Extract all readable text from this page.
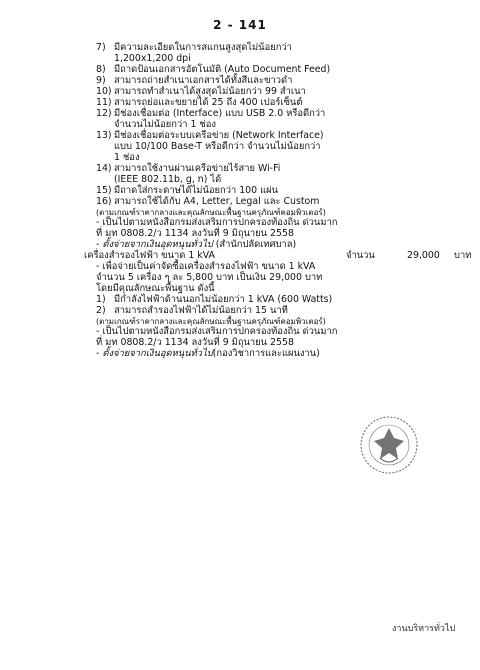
2 - 141
7) มีความละเอียดในการสแกนสูงสุดไม่น้อยกว่า
1,200x1,200 dpi
8) มีถาดป้อนเอกสารอัตโนมัติ (Auto Document Feed)
9) สามารถถ่ายสำเนาเอกสารได้ทั้งสีและขาวดำ
10) สามารถทำสำเนาได้สูงสุดไม่น้อยกว่า 99 สำเนา
11) สามารถย่อและขยายได้ 25 ถึง 400 เปอร์เซ็นต์
12) มีช่องเชื่อมต่อ (Interface) แบบ USB 2.0 หรือดีกว่า
จำนวนไม่น้อยกว่า 1 ช่อง
13) มีช่องเชื่อมต่อระบบเครือข่าย (Network Interface)
แบบ 10/100 Base-T หรือดีกว่า จำนวนไม่น้อยกว่า
1 ช่อง
14) สามารถใช้งานผ่านเครือข่ายไร้สาย Wi-Fi
(IEEE 802.11b, g, n) ได้
15) มีถาดใส่กระดาษได้ไม่น้อยกว่า 100 แผ่น
16) สามารถใช้ได้กับ A4, Letter, Legal และ Custom
(ตามเกณฑ์ราคากลางและคุณลักษณะพื้นฐานครุภัณฑ์คอมพิวเตอร์)
- เป็นไปตามหนังสือกรมส่งเสริมการปกครองท้องถิ่น ด่วนมาก
ที่ มท 0808.2/ว 1134 ลงวันที่ 9 มิถุนายน 2558
- ตั้งจ่ายจากเงินอุดหนุนทั่วไป (สำนักปลัดเทศบาล)
เครื่องสำรองไฟฟ้า ขนาด 1 kVA	จำนวน	29,000 บาท
- เพื่อจ่ายเป็นค่าจัดซื้อเครื่องสำรองไฟฟ้า ขนาด 1 kVA
จำนวน 5 เครื่อง ๆ ละ 5,800 บาท เป็นเงิน 29,000 บาท
โดยมีคุณลักษณะพื้นฐาน ดังนี้
1) มีกำลังไฟฟ้าด้านนอกไม่น้อยกว่า 1 kVA (600 Watts)
2) สามารถสำรองไฟฟ้าได้ไม่น้อยกว่า 15 นาที
(ตามเกณฑ์ราคากลางและคุณลักษณะพื้นฐานครุภัณฑ์คอมพิวเตอร์)
- เป็นไปตามหนังสือกรมส่งเสริมการปกครองท้องถิ่น ด่วนมาก
ที่ มท 0808.2/ว 1134 ลงวันที่ 9 มิถุนายน 2558
- ตั้งจ่ายจากเงินอุดหนุนทั่วไป(กองวิชาการและแผนงาน)
งานบริหารทั่วไป
